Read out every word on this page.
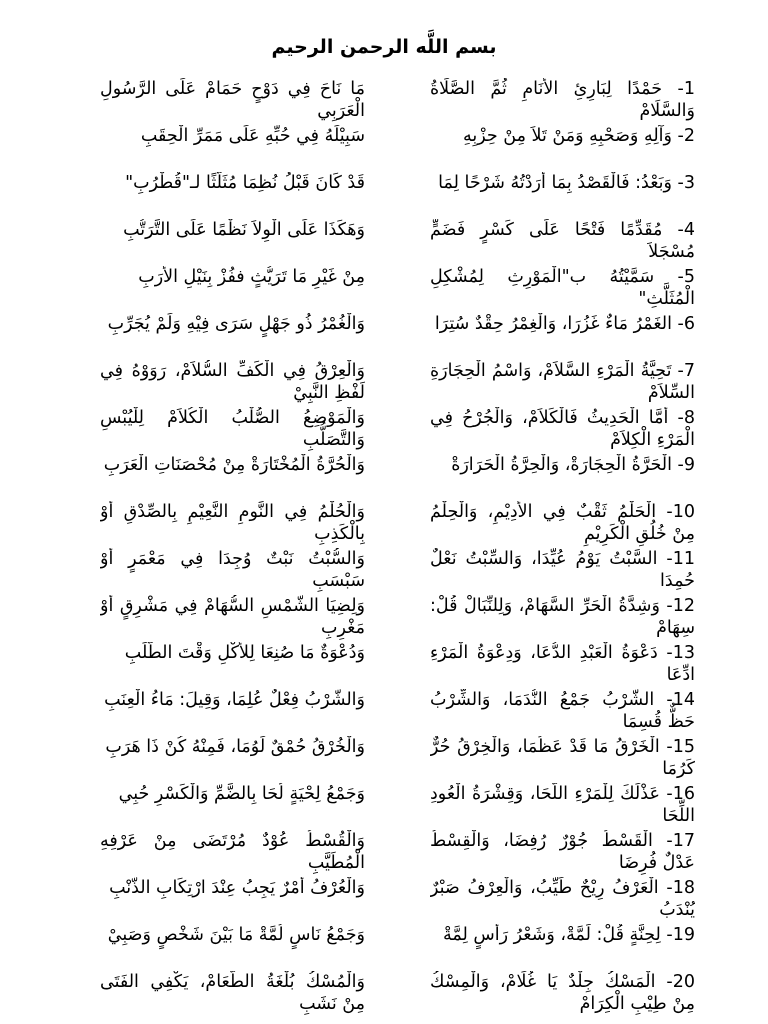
بسم اللَّه الرحمن الرحيم
1- حَمْدًا لِبَارِئِ الأَنَامِ ثُمَّ الصَّلَاةُ وَالسَّلَامْ
مَا نَاحَ فِي دَوْحٍ حَمَامْ عَلَى الرَّسُولِ الْعَرَبِي
2- وَآلِهِ وَصَحْبِهِ وَمَنْ تَلاَ مِنْ حِزْبِهِ
سَبِيْلَهُ فِي حُبِّهِ عَلَى مَمَرِّ الْحِقَبِ
3- وَبَعْدُ: فَالْقَصْدُ بِمَا أَرَدْتُهُ شَرْحًا لِمَا
قَدْ كَانَ قَبْلُ نُظِمَا مُثَلَّثًا لـ"قُطْرُبِ"
4- مُقَدِّمًا فَتْحًا عَلَى كَسْرٍ فَضَمٍّ مُسْجَلاَ
وَهَكَذَا عَلَى الْوِلاَ نَظْمًا عَلَى التَّرَتُّبِ
5- سَمَّيْتُهُ ب"الْمَوْرِثِ لِمُشْكِلِ الْمُثَلَّثِ"
مِنْ غَيْرِ مَا تَرَيُّثٍ ففُزْ بِنَيْلِ الأَرَبِ
6- الغَمْرُ مَاءٌ غَزُرَا، وَالْغِمْرُ حِقْدٌ سُتِرَا
وَالْغُمْرُ ذُو جَهْلٍ سَرَى فِيْهِ وَلَمْ يُجَرِّبِ
7- تَحِيَّةُ الْمَرْءِ السَّلاَمْ، وَاسْمُ الْحِجَارَةِ السِّلاَمْ
وَالْعِرْقُ فِي الْكَفِّ السُّلاَمْ، رَوَوْهُ فِي لَفْظِ النَّبِيْ
8- أَمَّا الْحَدِيثُ فَالْكَلاَمْ، وَالْجُرْحُ فِي الْمَرْءِ الْكِلاَمْ
وَالْمَوْضِعُ الصُّلْبُ الْكُلاَمْ لِلْيُبْسِ وَالتَّصَلُّبِ
9- الْحَرَّةُ الْحِجَارَةْ، وَالْحِرَّةُ الْحَرَارَةْ
وَالْحُرَّةُ الْمُخْتَارَةْ مِنْ مُحْصَنَاتِ الْعَرَبِ
10- الْحَلْمُ ثَقْبٌ فِي الأَدِيْمِ، وَالْحِلْمُ مِنْ خُلُقِ الْكَرِيْمِ
وَالْحُلْمُ فِي النَّومِ النَّعِيْمِ بِالصِّدْقِ أَوْ بِالْكَذِبِ
11- السَّبْتُ يَوْمُ عُيِّدَا، وَالسِّبْتُ نَعْلٌ حُمِدَا
وَالسُّبْتُ نَبْتٌ وُجِدَا فِي مَعْمَرٍ أَوْ سَبْسَبِ
12- وَشِدَّةُ الْحَرِّ السَّهَامْ، وَلِلنِّبَالْ قُلْ: سِهَامْ
وَلِضِيَا الشَّمْسِ السُّهَامْ فِي مَشْرِقٍ أَوْ مَغْرِبِ
13- دَعْوَةُ الْعَبْدِ الدُّعَا، وَدِعْوَةُ الْمَرْءِ ادِّعَا
وَدُعْوَةٌ مَا صُنِعَا لِلأَكْلِ وَقْتَ الطَّلَبِ
14- الشَّرْبُ جَمْعُ النُّدَمَا، وَالشِّرْبُ حَظٌّ قُسِمَا
وَالشُّرْبُ فِعْلٌ عُلِمَا، وَقِيلَ: مَاءُ الْعِنَبِ
15- الْخَرْقُ مَا قَدْ عَظُمَا، وَالْخِرْقُ حُرٌّ كَرُمَا
وَالْخُرْقُ حُمْقٌ لَوُمَا، فَمِنْهُ كُنْ ذَا هَرَبِ
16- عَذْلَكَ لِلْمَرْءِ اللَّحَا، وَقِشْرَةُ الْعُودِ اللِّحَا
وَجَمْعُ لِحْيَةٍ لُحَا بِالضَّمِّ وَالْكَسْرِ حُبِي
17- الْقَسْطُ جُوْرٌ رُفِضَا، وَالْقِسْطُ عَدْلٌ فُرِضَا
وَالْقُسْطُ عُوْدٌ مُرْتَضَى مِنْ عَرْفِهِ الْمُطَيَّبِ
18- الْعَرْفُ رِيْحٌ طَيِّبُ، وَالْعِرْفُ صَبْرٌ يُنْدَبُ
وَالْعُرْفُ أَمْرٌ يَجِبُ عِنْدَ ارْتِكَابِ الذَّنْبِ
19- لِحِنَّةٍ قُلْ: لَمَّةْ، وَشَعْرُ رَأْسٍ لِمَّةْ
وَجَمْعُ نَاسٍ لُمَّةْ مَا بَيْنَ شَخْصٍ وَصَبِيْ
20- الْمَسْكُ جِلْدٌ يَا غُلَامْ، وَالْمِسْكُ مِنْ طِيْبِ الْكِرَامْ
وَالْمُسْكُ بُلْغَةُ الطَّعَامْ، يَكْفِي الفَتَى مِنْ نَشَبِ
